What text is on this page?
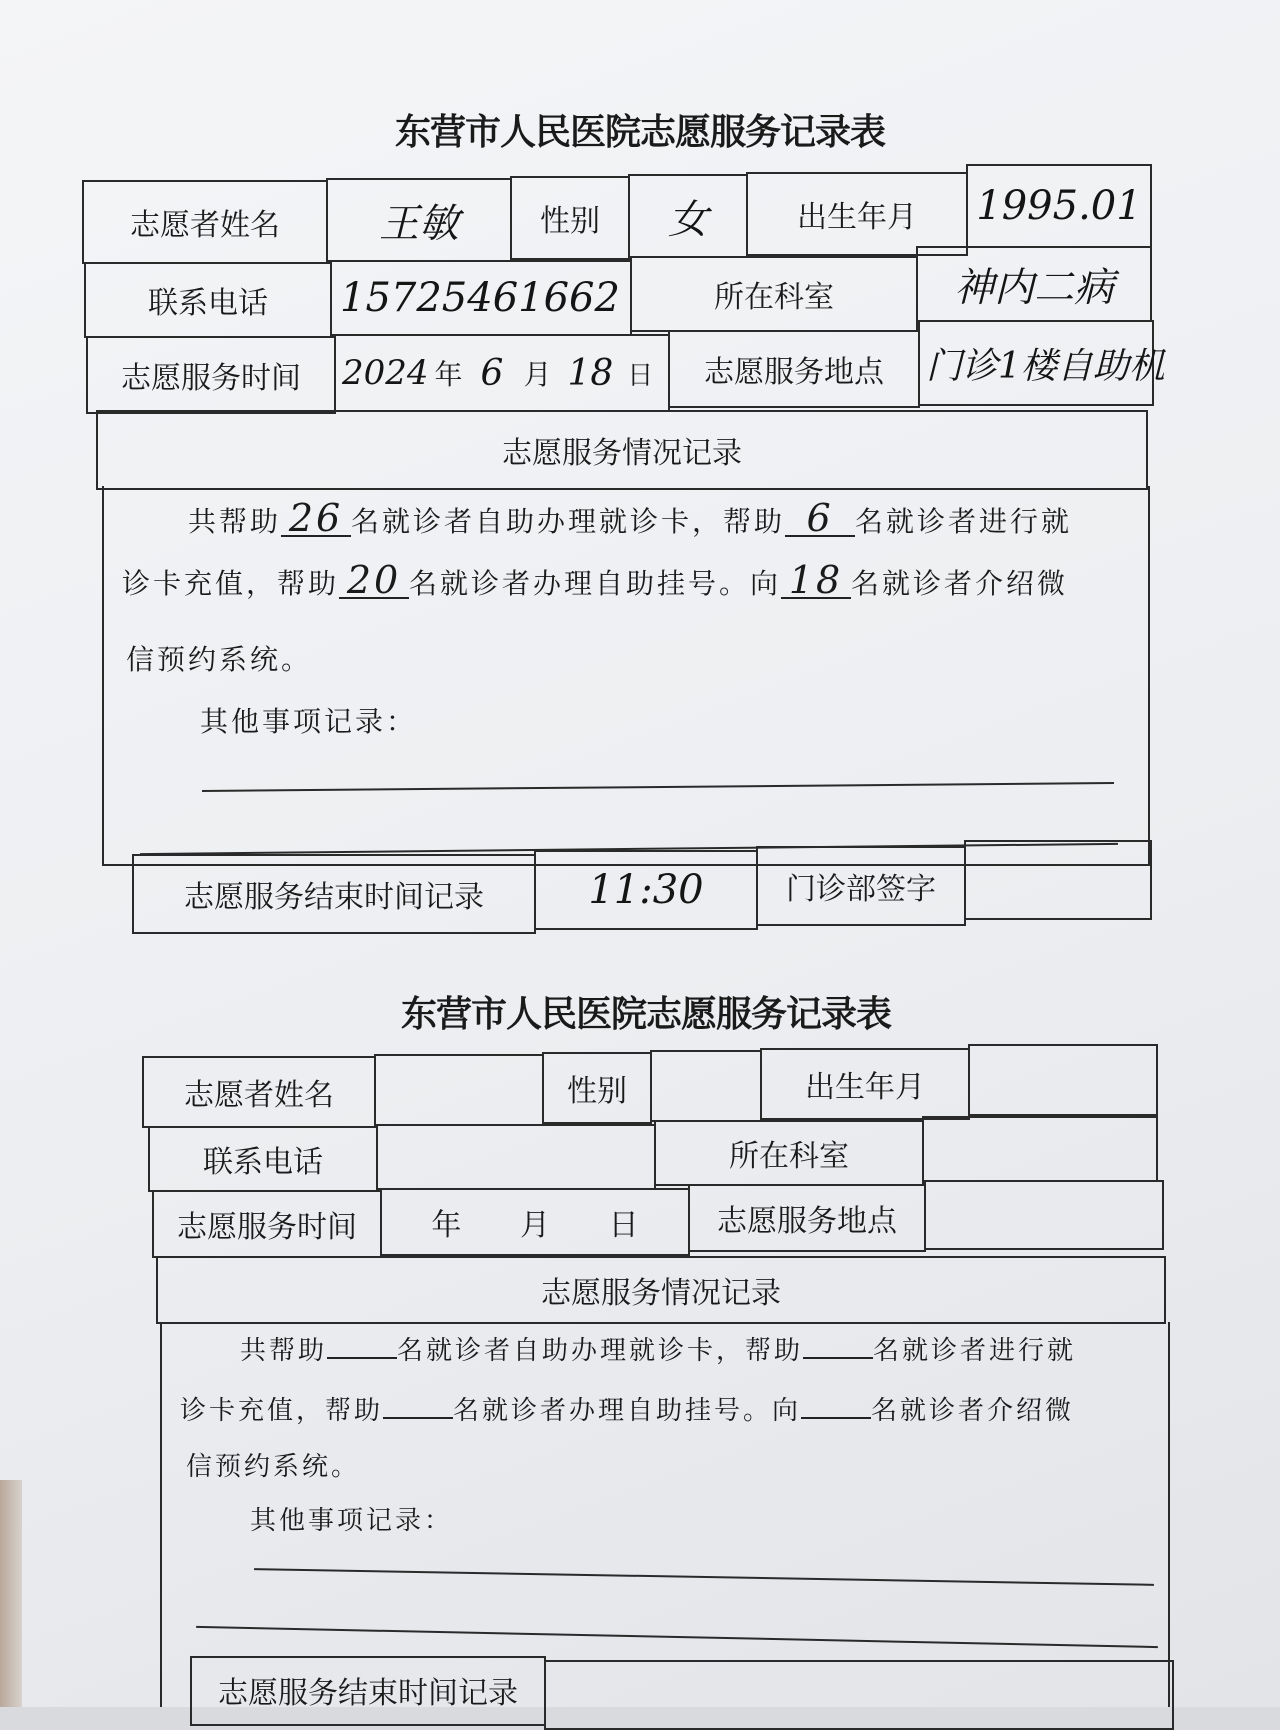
东营市人民医院志愿服务记录表
志愿者姓名	王敏	性别	女	出生年月	1995.01
联系电话	15725461662	所在科室	神内二病
志愿服务时间	2024 年 6 月 18 日	志愿服务地点	门诊1楼自助机
志愿服务情况记录
共帮助 26 名就诊者自助办理就诊卡，帮助 6 名就诊者进行就
诊卡充值，帮助 20 名就诊者办理自助挂号。向 18 名就诊者介绍微
信预约系统。
其他事项记录：
志愿服务结束时间记录	11:30	门诊部签字
东营市人民医院志愿服务记录表
志愿者姓名	性别	出生年月
联系电话	所在科室
志愿服务时间	年 月 日	志愿服务地点
志愿服务情况记录
共帮助	名就诊者自助办理就诊卡，帮助	名就诊者进行就
诊卡充值，帮助	名就诊者办理自助挂号。向	名就诊者介绍微
信预约系统。
其他事项记录：
志愿服务结束时间记录
